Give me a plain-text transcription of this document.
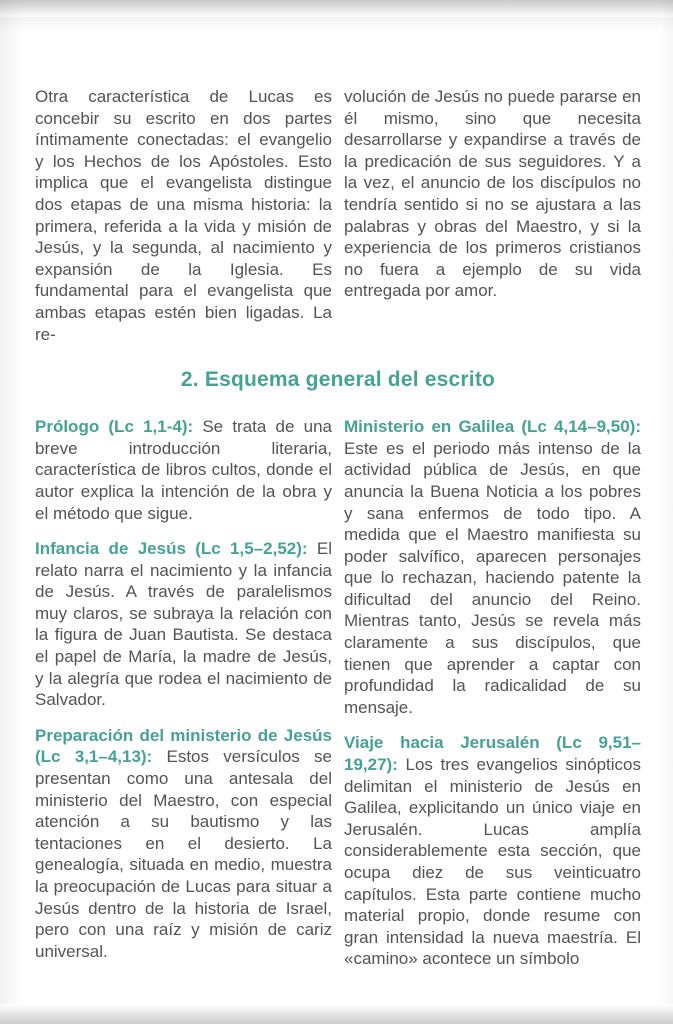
Otra característica de Lucas es concebir su escrito en dos partes íntimamente conectadas: el evangelio y los Hechos de los Apóstoles. Esto implica que el evangelista distingue dos etapas de una misma historia: la primera, referida a la vida y misión de Jesús, y la segunda, al nacimiento y expansión de la Iglesia. Es fundamental para el evangelista que ambas etapas estén bien ligadas. La re-

volución de Jesús no puede pararse en él mismo, sino que necesita desarrollarse y expandirse a través de la predicación de sus seguidores. Y a la vez, el anuncio de los discípulos no tendría sentido si no se ajustara a las palabras y obras del Maestro, y si la experiencia de los primeros cristianos no fuera a ejemplo de su vida entregada por amor.

2. Esquema general del escrito

Prólogo (Lc 1,1-4): Se trata de una breve introducción literaria, característica de libros cultos, donde el autor explica la intención de la obra y el método que sigue.

Infancia de Jesús (Lc 1,5–2,52): El relato narra el nacimiento y la infancia de Jesús. A través de paralelismos muy claros, se subraya la relación con la figura de Juan Bautista. Se destaca el papel de María, la madre de Jesús, y la alegría que rodea el nacimiento de Salvador.

Preparación del ministerio de Jesús (Lc 3,1–4,13): Estos versículos se presentan como una antesala del ministerio del Maestro, con especial atención a su bautismo y las tentaciones en el desierto. La genealogía, situada en medio, muestra la preocupación de Lucas para situar a Jesús dentro de la historia de Israel, pero con una raíz y misión de cariz universal.

Ministerio en Galilea (Lc 4,14–9,50): Este es el periodo más intenso de la actividad pública de Jesús, en que anuncia la Buena Noticia a los pobres y sana enfermos de todo tipo. A medida que el Maestro manifiesta su poder salvífico, aparecen personajes que lo rechazan, haciendo patente la dificultad del anuncio del Reino. Mientras tanto, Jesús se revela más claramente a sus discípulos, que tienen que aprender a captar con profundidad la radicalidad de su mensaje.

Viaje hacia Jerusalén (Lc 9,51–19,27): Los tres evangelios sinópticos delimitan el ministerio de Jesús en Galilea, explicitando un único viaje en Jerusalén. Lucas amplía considerablemente esta sección, que ocupa diez de sus veinticuatro capítulos. Esta parte contiene mucho material propio, donde resume con gran intensidad la nueva maestría. El «camino» acontece un símbolo
